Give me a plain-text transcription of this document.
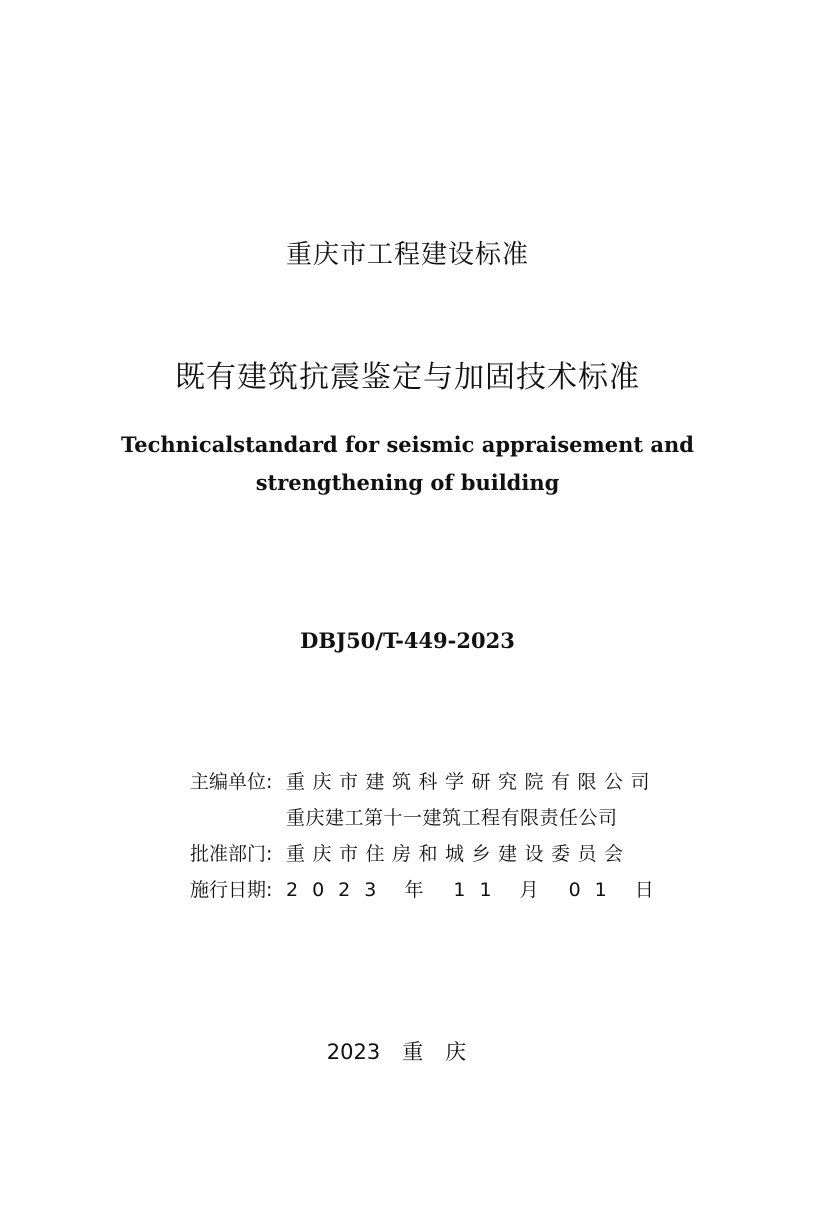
重庆市工程建设标准
既有建筑抗震鉴定与加固技术标准
Technicalstandard for seismic appraisement and
strengthening of building
DBJ50/T-449-2023
主编单位: 重庆市建筑科学研究院有限公司
重庆建工第十一建筑工程有限责任公司
批准部门: 重庆市住房和城乡建设委员会
施行日期: 2023 年 11 月 01 日
2023 重庆
